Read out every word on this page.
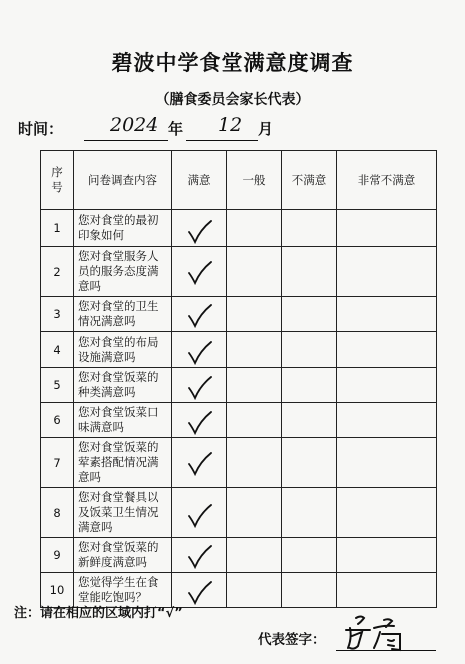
碧波中学食堂满意度调查
（膳食委员会家长代表）
时间： 2024 年 12 月
序
号	问卷调查内容	满意	一般	不满意	非常不满意
1	您对食堂的最初印象如何	

2	您对食堂服务人员的服务态度满意吗	

3	您对食堂的卫生情况满意吗	

4	您对食堂的布局设施满意吗	

5	您对食堂饭菜的种类满意吗	

6	您对食堂饭菜口味满意吗	

7	您对食堂饭菜的荤素搭配情况满意吗	

8	您对食堂餐具以及饭菜卫生情况满意吗	

9	您对食堂饭菜的新鲜度满意吗	

10	您觉得学生在食堂能吃饱吗？	

注：请在相应的区域内打“√”
代表签字：
